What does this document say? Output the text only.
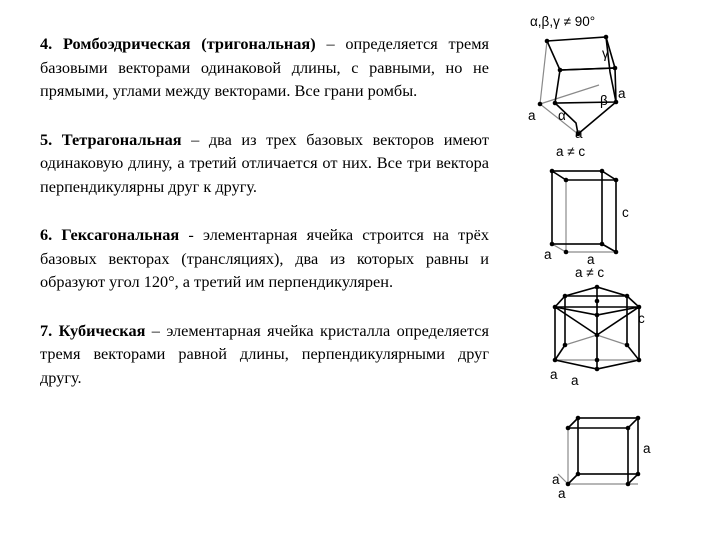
4. Ромбоэдрическая (тригональная) – определяется тремя базовыми векторами одинаковой длины, с равными, но не прямыми, углами между векторами. Все грани ромбы.

5. Тетрагональная – два из трех базовых векторов имеют одинаковую длину, а третий отличается от них. Все три вектора перпендикулярны друг к другу.

6. Гексагональная - элементарная ячейка строится на трёх базовых векторах (трансляциях), два из которых равны и образуют угол 120°, а третий им перпендикулярен.

7. Кубическая – элементарная ячейка кристалла определяется тремя векторами равной длины, перпендикулярными друг другу.

α,β,γ ≠ 90°
γ
β
α
a
a
a
a ≠ c
c
a	a
a ≠ c
c
a a
a
a
a
